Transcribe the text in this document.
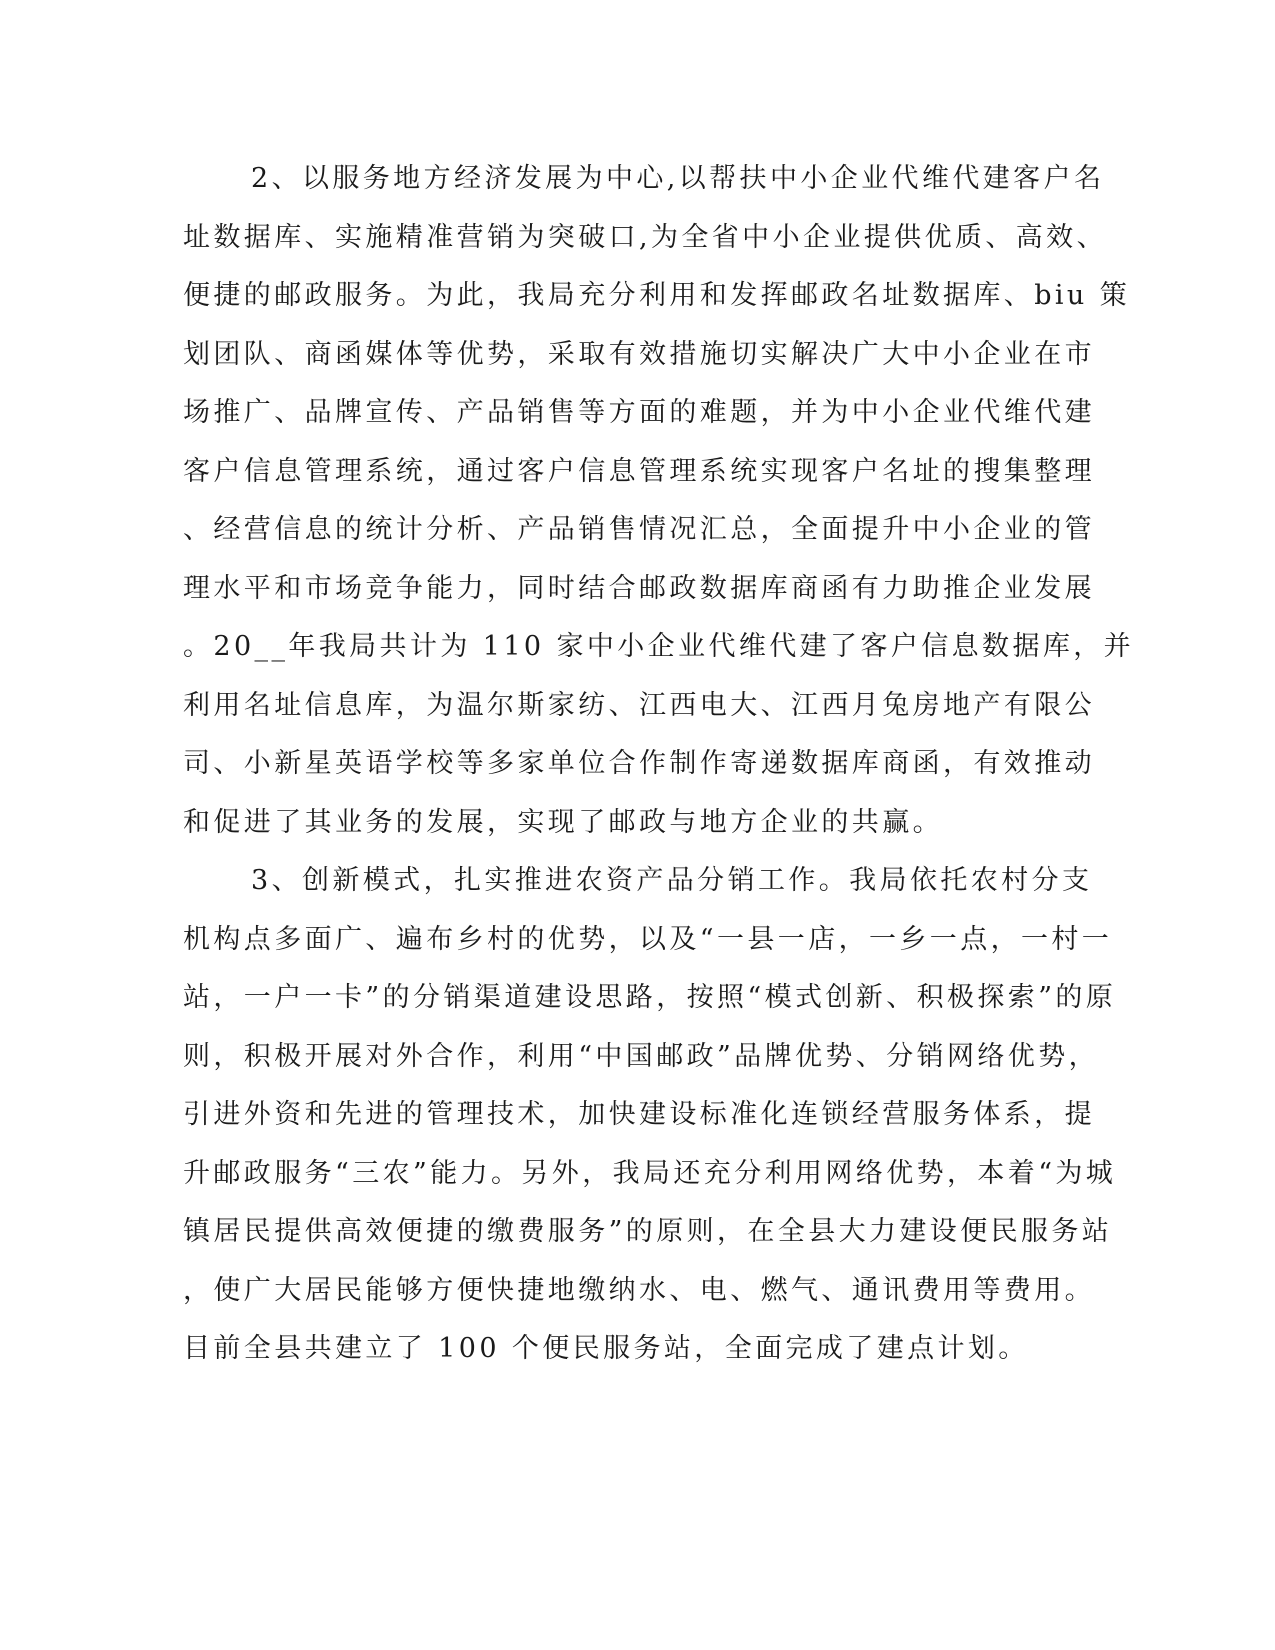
2、以服务地方经济发展为中心,以帮扶中小企业代维代建客户名
址数据库、实施精准营销为突破口,为全省中小企业提供优质、高效、
便捷的邮政服务。为此，我局充分利用和发挥邮政名址数据库、biu 策
划团队、商函媒体等优势，采取有效措施切实解决广大中小企业在市
场推广、品牌宣传、产品销售等方面的难题，并为中小企业代维代建
客户信息管理系统，通过客户信息管理系统实现客户名址的搜集整理
、经营信息的统计分析、产品销售情况汇总，全面提升中小企业的管
理水平和市场竞争能力，同时结合邮政数据库商函有力助推企业发展
。20__年我局共计为 110 家中小企业代维代建了客户信息数据库，并
利用名址信息库，为温尔斯家纺、江西电大、江西月兔房地产有限公
司、小新星英语学校等多家单位合作制作寄递数据库商函，有效推动
和促进了其业务的发展，实现了邮政与地方企业的共赢。
3、创新模式，扎实推进农资产品分销工作。我局依托农村分支
机构点多面广、遍布乡村的优势，以及“一县一店，一乡一点，一村一
站，一户一卡”的分销渠道建设思路，按照“模式创新、积极探索”的原
则，积极开展对外合作，利用“中国邮政”品牌优势、分销网络优势，
引进外资和先进的管理技术，加快建设标准化连锁经营服务体系，提
升邮政服务“三农”能力。另外，我局还充分利用网络优势，本着“为城
镇居民提供高效便捷的缴费服务”的原则，在全县大力建设便民服务站
，使广大居民能够方便快捷地缴纳水、电、燃气、通讯费用等费用。
目前全县共建立了 100 个便民服务站，全面完成了建点计划。
